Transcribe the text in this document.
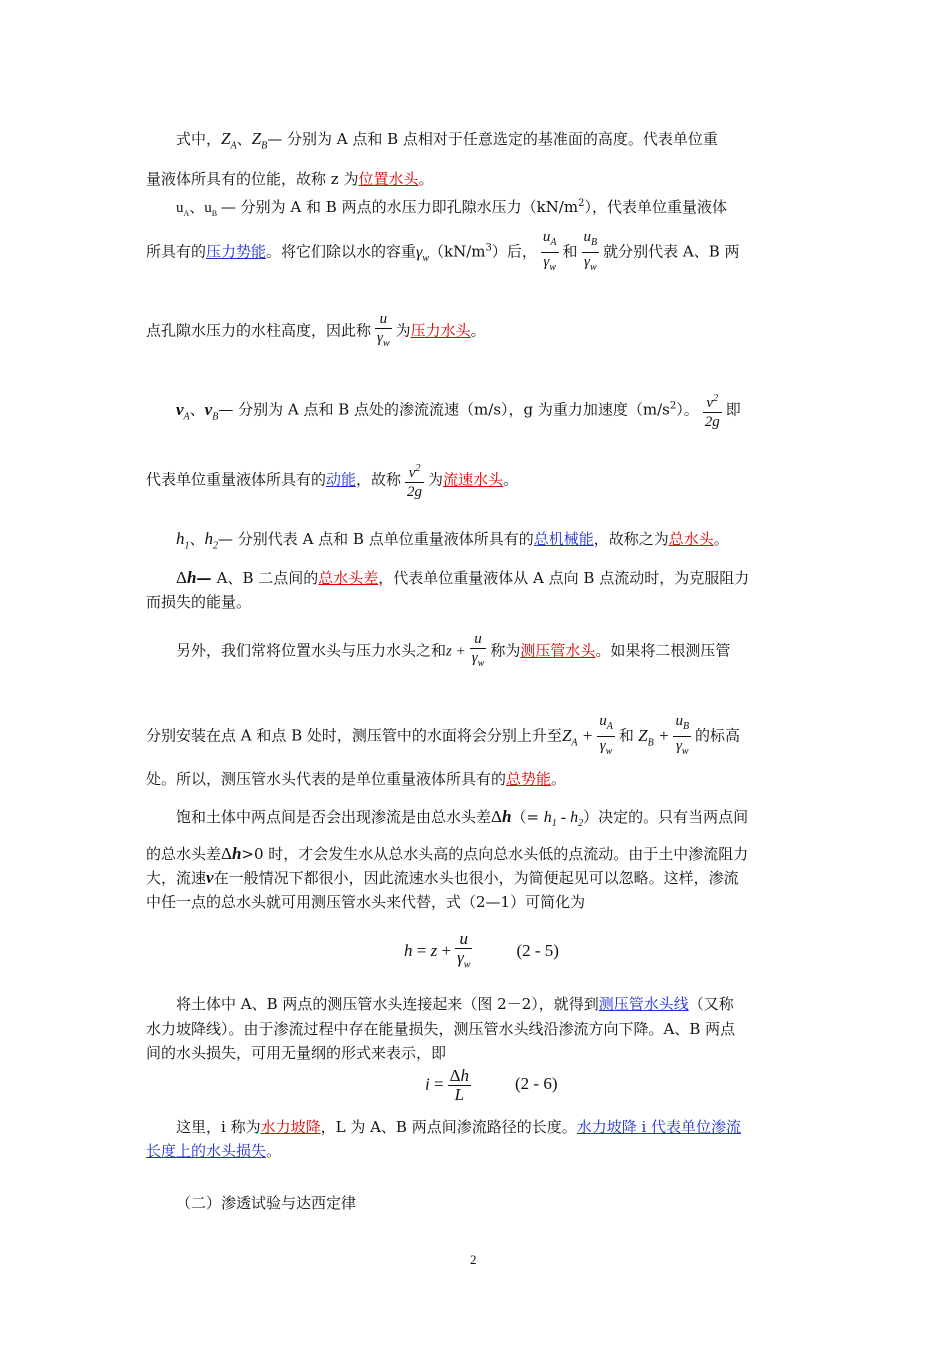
式中，$Z_A$、$Z_B—$ 分别为 A 点和 B 点相对于任意选定的基准面的高度。代表单位重
量液体所具有的位能，故称 z 为位置水头。
$u_A$、$u_B$ — 分别为 A 和 B 两点的水压力即孔隙水压力$(kN/m^2)$，代表单位重量液体
所具有的压力势能。将它们除以水的容重$\gamma_w(kN/m^3)$后， $\frac{u_A}{\gamma_w}$ 和 $\frac{u_B}{\gamma_w}$ 就分别代表 A、B 两
点孔隙水压力的水柱高度，因此称 $\frac{u}{\gamma_w}$ 为压力水头。
$v_A$、$v_B—$ 分别为 A 点和 B 点处的渗流流速（m/s），g 为重力加速度$(m/s^2)$。 $\frac{v^2}{2g}$ 即
代表单位重量液体所具有的动能，故称 $\frac{v^2}{2g}$ 为流速水头。
$h_1$、$h_2—$ 分别代表 A 点和 B 点单位重量液体所具有的总机械能，故称之为总水头。
Δh— A、B 二点间的总水头差，代表单位重量液体从 A 点向 B 点流动时，为克服阻力
而损失的能量。
另外，我们常将位置水头与压力水头之和$z + \frac{u}{\gamma_w}$ 称为测压管水头。如果将二根测压管
分别安装在点 A 和点 B 处时，测压管中的水面将会分别上升至$Z_A + \frac{u_A}{\gamma_w}$ 和 $Z_B + \frac{u_B}{\gamma_w}$ 的标高
处。所以，测压管水头代表的是单位重量液体所具有的总势能。
饱和土体中两点间是否会出现渗流是由总水头差$\Delta h(= h_1 - h_2)$决定的。只有当两点间
的总水头差Δh>0 时，才会发生水从总水头高的点向总水头低的点流动。由于土中渗流阻力
大，流速v在一般情况下都很小，因此流速水头也很小，为简便起见可以忽略。这样，渗流
中任一点的总水头就可用测压管水头来代替，式（2—1）可简化为
$h = z + \frac{u}{\gamma_w}$	(2 - 5)
将土体中 A、B 两点的测压管水头连接起来（图 2－2），就得到测压管水头线（又称
水力坡降线）。由于渗流过程中存在能量损失，测压管水头线沿渗流方向下降。A、B 两点
间的水头损失，可用无量纲的形式来表示，即
$i = \frac{\Delta h}{L}$	(2 - 6)
这里，i 称为水力坡降，L 为 A、B 两点间渗流路径的长度。水力坡降 i 代表单位渗流
长度上的水头损失。
（二）渗透试验与达西定律
2
